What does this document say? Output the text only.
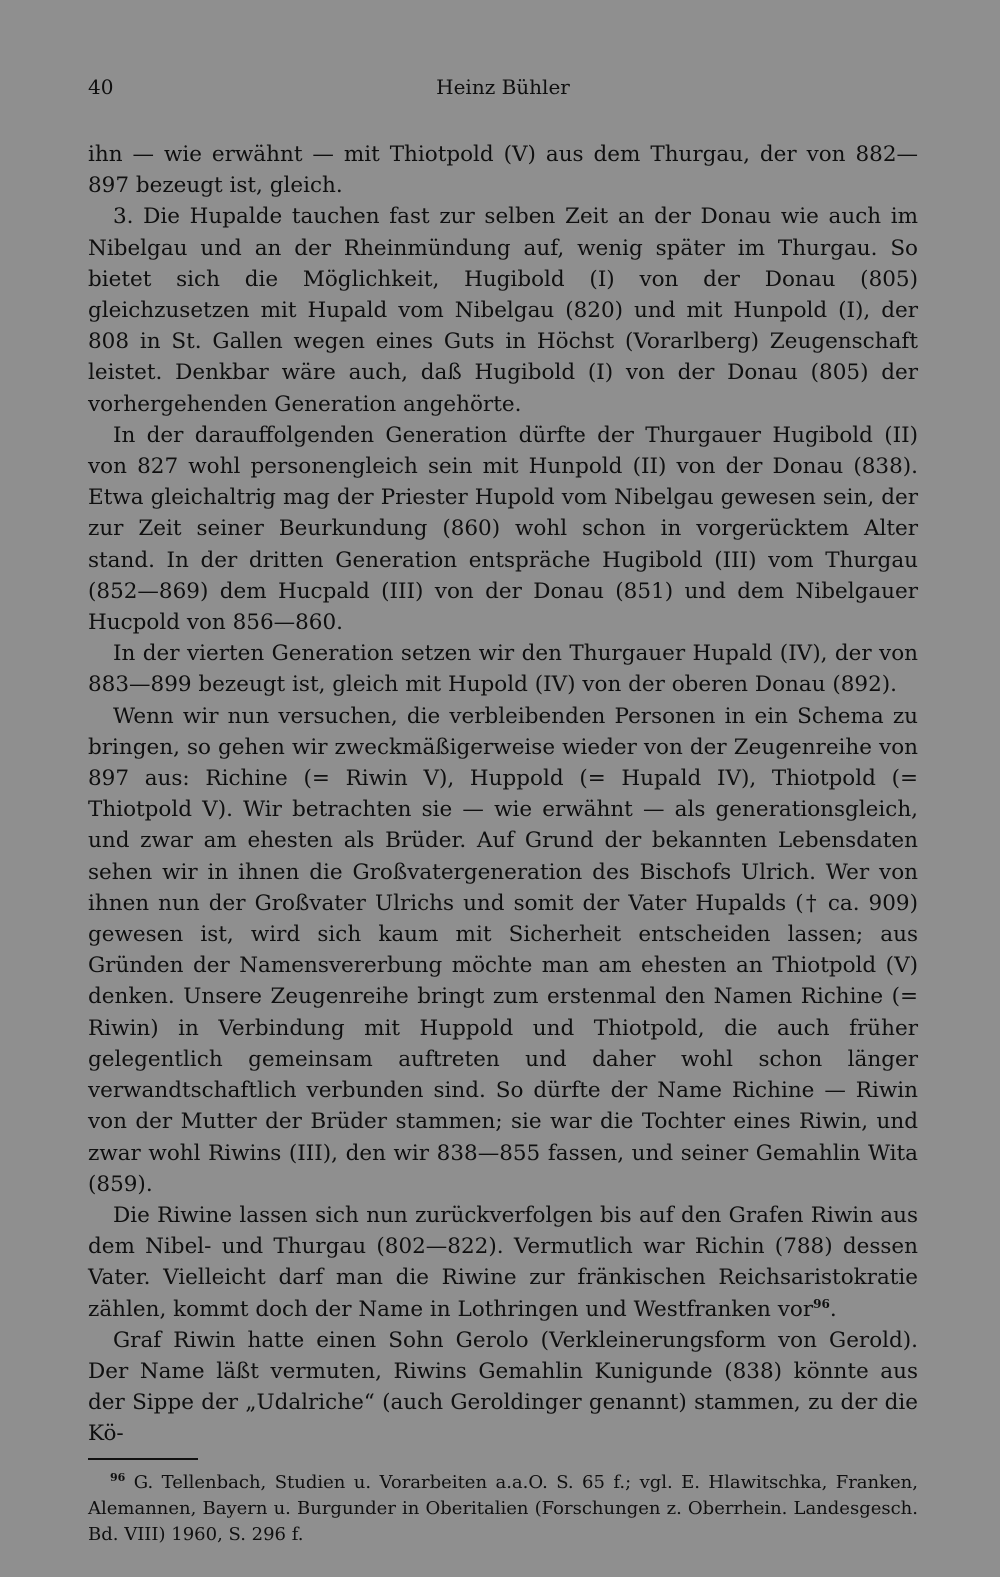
40	Heinz Bühler

ihn — wie erwähnt — mit Thiotpold (V) aus dem Thurgau, der von 882—897 bezeugt ist, gleich.

3. Die Hupalde tauchen fast zur selben Zeit an der Donau wie auch im Nibelgau und an der Rheinmündung auf, wenig später im Thurgau. So bietet sich die Möglichkeit, Hugibold (I) von der Donau (805) gleichzusetzen mit Hupald vom Nibelgau (820) und mit Hunpold (I), der 808 in St. Gallen wegen eines Guts in Höchst (Vorarlberg) Zeugenschaft leistet. Denkbar wäre auch, daß Hugibold (I) von der Donau (805) der vorhergehenden Generation angehörte.

In der darauffolgenden Generation dürfte der Thurgauer Hugibold (II) von 827 wohl personengleich sein mit Hunpold (II) von der Donau (838). Etwa gleichaltrig mag der Priester Hupold vom Nibelgau gewesen sein, der zur Zeit seiner Beurkundung (860) wohl schon in vorgerücktem Alter stand. In der dritten Generation entspräche Hugibold (III) vom Thurgau (852—869) dem Hucpald (III) von der Donau (851) und dem Nibelgauer Hucpold von 856—860.

In der vierten Generation setzen wir den Thurgauer Hupald (IV), der von 883—899 bezeugt ist, gleich mit Hupold (IV) von der oberen Donau (892).

Wenn wir nun versuchen, die verbleibenden Personen in ein Schema zu bringen, so gehen wir zweckmäßigerweise wieder von der Zeugenreihe von 897 aus: Richine (= Riwin V), Huppold (= Hupald IV), Thiotpold (= Thiotpold V). Wir betrachten sie — wie erwähnt — als generationsgleich, und zwar am ehesten als Brüder. Auf Grund der bekannten Lebensdaten sehen wir in ihnen die Großvatergeneration des Bischofs Ulrich. Wer von ihnen nun der Großvater Ulrichs und somit der Vater Hupalds († ca. 909) gewesen ist, wird sich kaum mit Sicherheit entscheiden lassen; aus Gründen der Namensvererbung möchte man am ehesten an Thiotpold (V) denken. Unsere Zeugenreihe bringt zum erstenmal den Namen Richine (= Riwin) in Verbindung mit Huppold und Thiotpold, die auch früher gelegentlich gemeinsam auftreten und daher wohl schon länger verwandtschaftlich verbunden sind. So dürfte der Name Richine — Riwin von der Mutter der Brüder stammen; sie war die Tochter eines Riwin, und zwar wohl Riwins (III), den wir 838—855 fassen, und seiner Gemahlin Wita (859).

Die Riwine lassen sich nun zurückverfolgen bis auf den Grafen Riwin aus dem Nibel- und Thurgau (802—822). Vermutlich war Richin (788) dessen Vater. Vielleicht darf man die Riwine zur fränkischen Reichsaristokratie zählen, kommt doch der Name in Lothringen und Westfranken vor$^{96}$.

Graf Riwin hatte einen Sohn Gerolo (Verkleinerungsform von Gerold). Der Name läßt vermuten, Riwins Gemahlin Kunigunde (838) könnte aus der Sippe der „Udalriche“ (auch Geroldinger genannt) stammen, zu der die Kö-

$^{96}$ G. Tellenbach, Studien u. Vorarbeiten a.a.O. S. 65 f.; vgl. E. Hlawitschka, Franken, Alemannen, Bayern u. Burgunder in Oberitalien (Forschungen z. Oberrhein. Landesgesch. Bd. VIII) 1960, S. 296 f.
